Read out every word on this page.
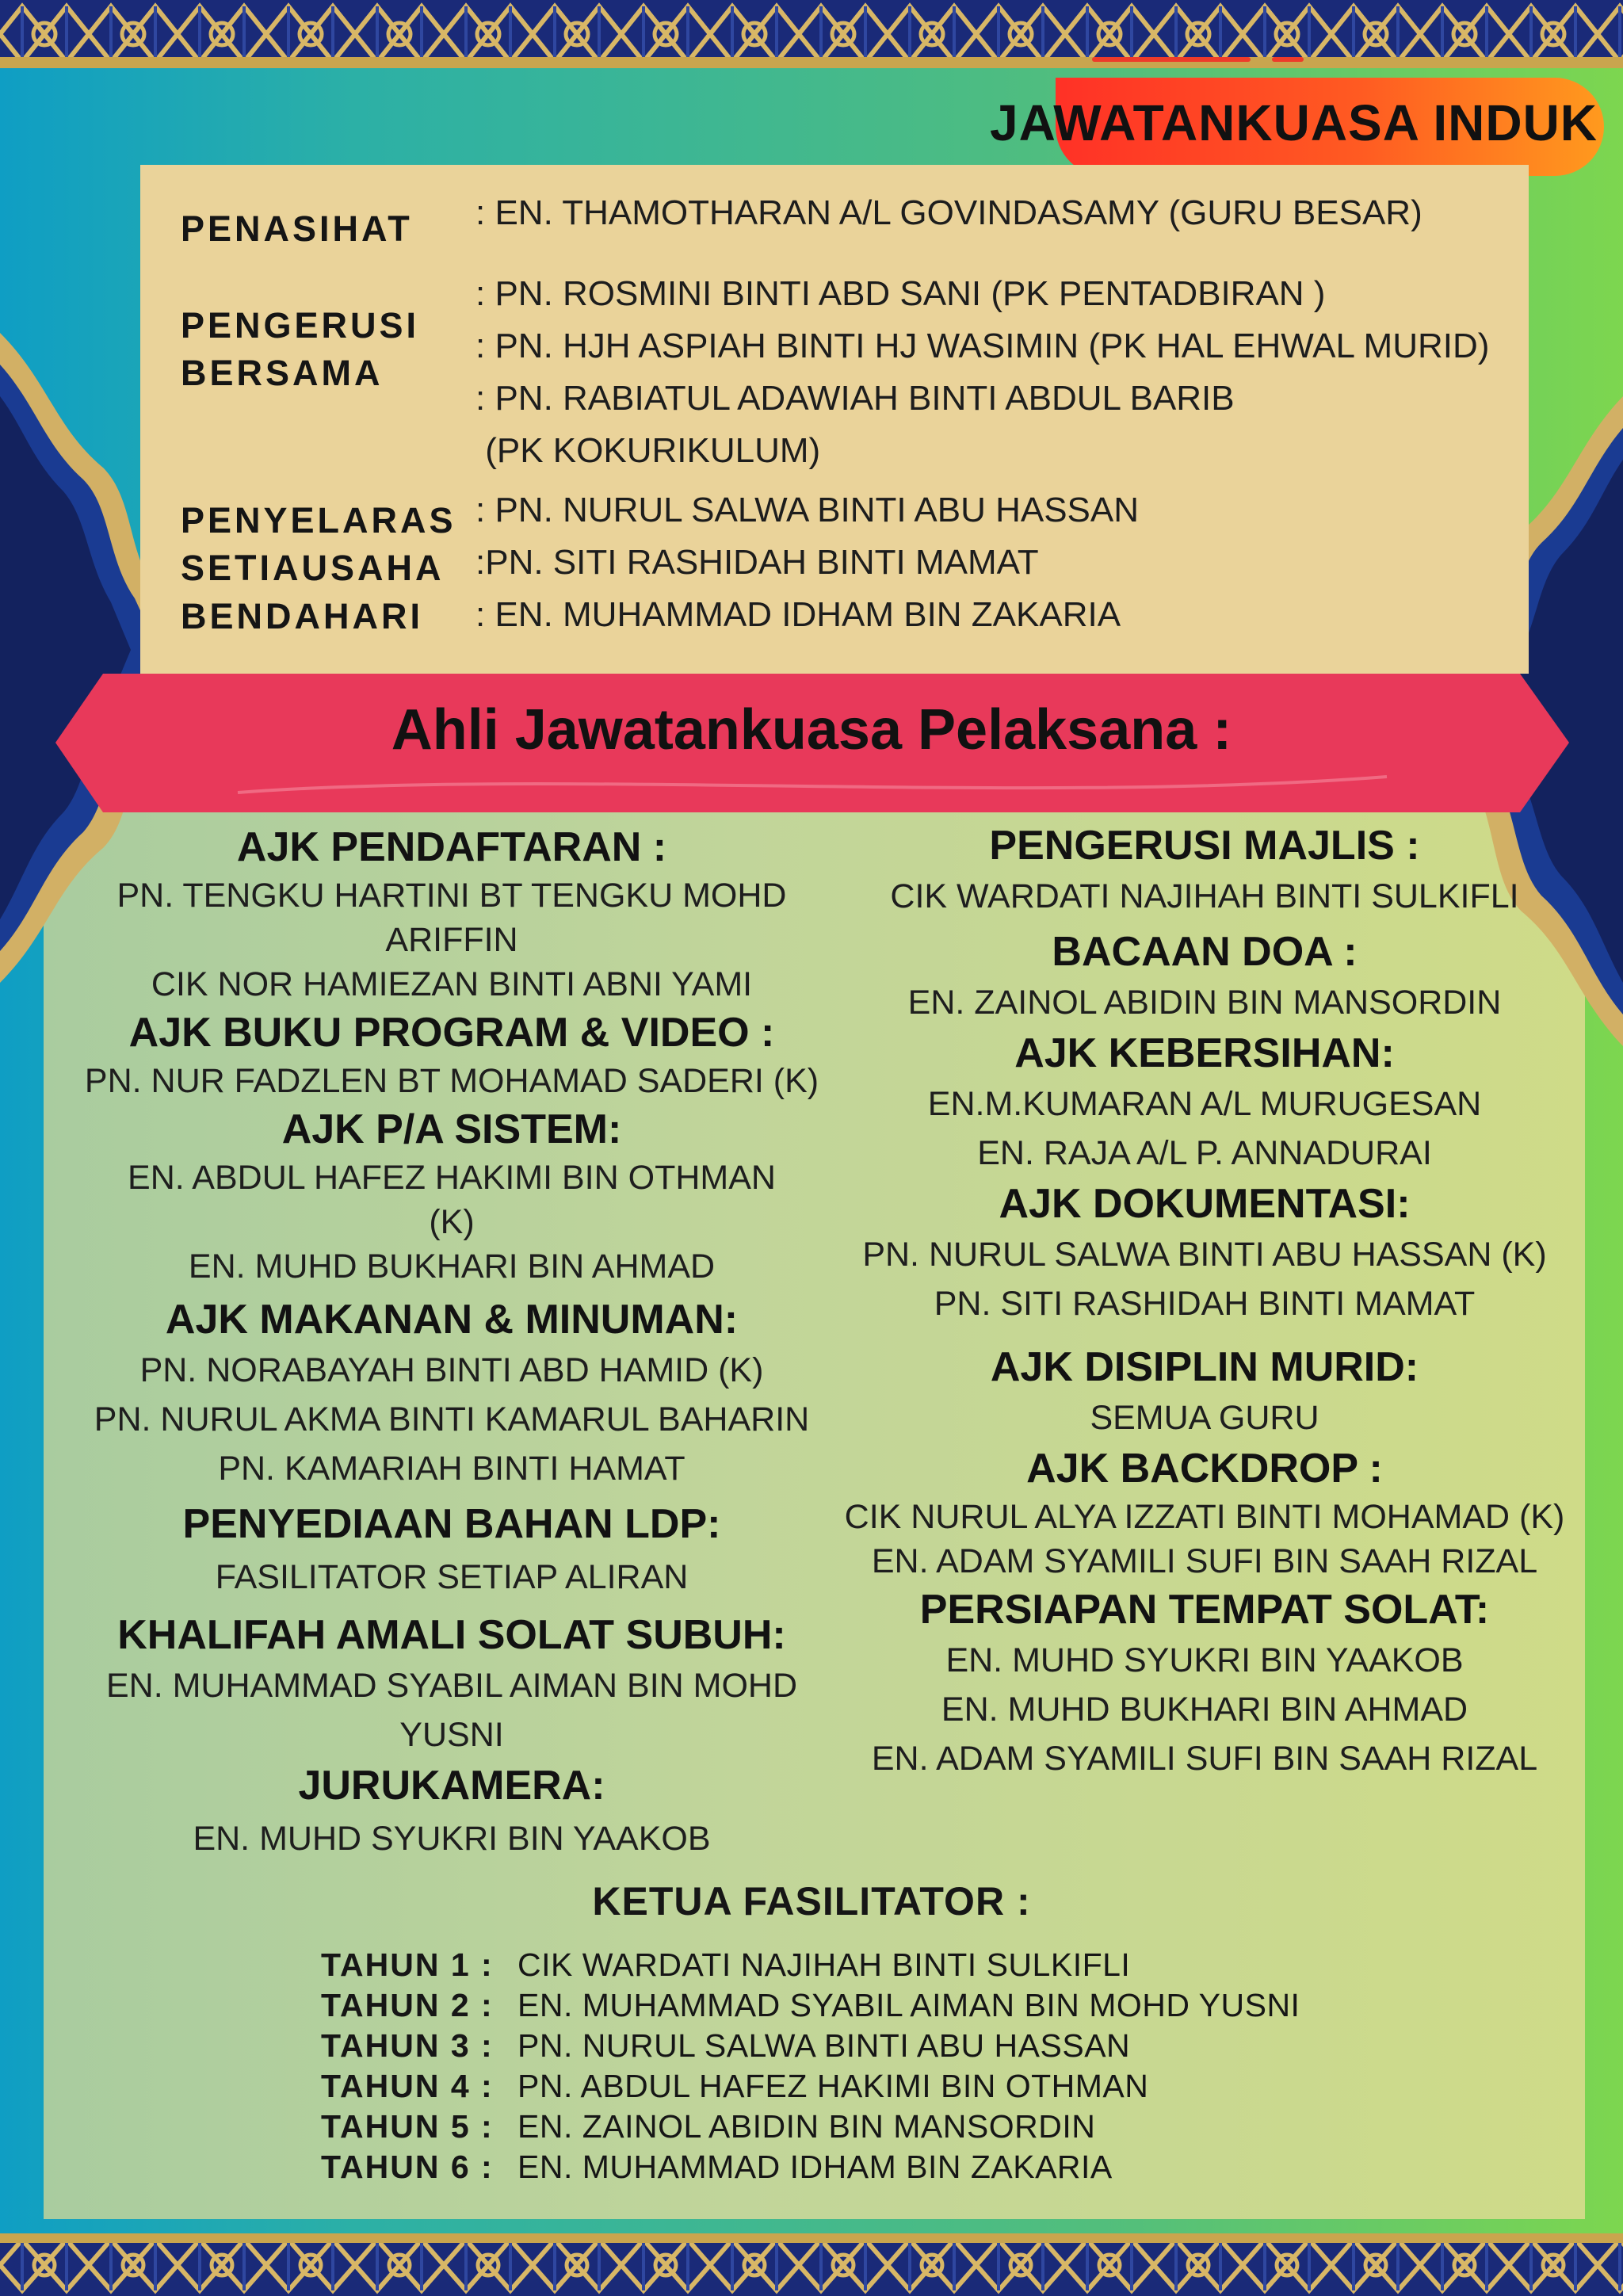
JAWATANKUASA INDUK
PENASIHAT : EN. THAMOTHARAN A/L GOVINDASAMY (GURU BESAR)
PENGERUSI
BERSAMA
: PN. ROSMINI BINTI ABD SANI (PK PENTADBIRAN )
: PN. HJH ASPIAH BINTI HJ WASIMIN (PK HAL EHWAL MURID)
: PN. RABIATUL ADAWIAH BINTI ABDUL BARIB
(PK KOKURIKULUM)
PENYELARAS : PN. NURUL SALWA BINTI ABU HASSAN
SETIAUSAHA :PN. SITI RASHIDAH BINTI MAMAT
BENDAHARI : EN. MUHAMMAD IDHAM BIN ZAKARIA
Ahli Jawatankuasa Pelaksana :
AJK PENDAFTARAN :
PN. TENGKU HARTINI BT TENGKU MOHD
ARIFFIN
CIK NOR HAMIEZAN BINTI ABNI YAMI
AJK BUKU PROGRAM & VIDEO :
PN. NUR FADZLEN BT MOHAMAD SADERI (K)
AJK P/A SISTEM:
EN. ABDUL HAFEZ HAKIMI BIN OTHMAN
(K)
EN. MUHD BUKHARI BIN AHMAD
AJK MAKANAN & MINUMAN:
PN. NORABAYAH BINTI ABD HAMID (K)
PN. NURUL AKMA BINTI KAMARUL BAHARIN
PN. KAMARIAH BINTI HAMAT
PENYEDIAAN BAHAN LDP:
FASILITATOR SETIAP ALIRAN
KHALIFAH AMALI SOLAT SUBUH:
EN. MUHAMMAD SYABIL AIMAN BIN MOHD
YUSNI
JURUKAMERA:
EN. MUHD SYUKRI BIN YAAKOB
PENGERUSI MAJLIS :
CIK WARDATI NAJIHAH BINTI SULKIFLI
BACAAN DOA :
EN. ZAINOL ABIDIN BIN MANSORDIN
AJK KEBERSIHAN:
EN.M.KUMARAN A/L MURUGESAN
EN. RAJA A/L P. ANNADURAI
AJK DOKUMENTASI:
PN. NURUL SALWA BINTI ABU HASSAN (K)
PN. SITI RASHIDAH BINTI MAMAT
AJK DISIPLIN MURID:
SEMUA GURU
AJK BACKDROP :
CIK NURUL ALYA IZZATI BINTI MOHAMAD (K)
EN. ADAM SYAMILI SUFI BIN SAAH RIZAL
PERSIAPAN TEMPAT SOLAT:
EN. MUHD SYUKRI BIN YAAKOB
EN. MUHD BUKHARI BIN AHMAD
EN. ADAM SYAMILI SUFI BIN SAAH RIZAL
KETUA FASILITATOR :
TAHUN 1 : CIK WARDATI NAJIHAH BINTI SULKIFLI
TAHUN 2 : EN. MUHAMMAD SYABIL AIMAN BIN MOHD YUSNI
TAHUN 3 : PN. NURUL SALWA BINTI ABU HASSAN
TAHUN 4 : PN. ABDUL HAFEZ HAKIMI BIN OTHMAN
TAHUN 5 : EN. ZAINOL ABIDIN BIN MANSORDIN
TAHUN 6 : EN. MUHAMMAD IDHAM BIN ZAKARIA
